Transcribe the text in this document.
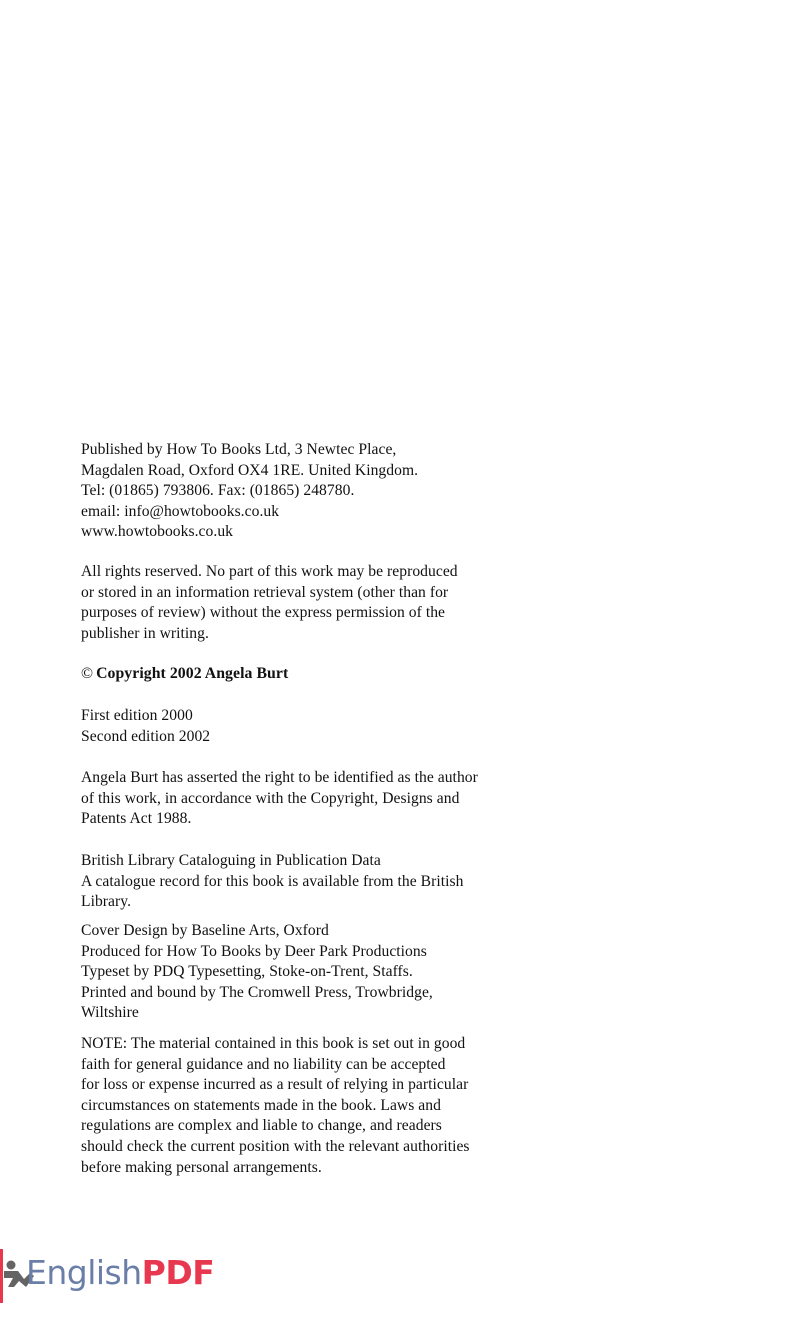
Published by How To Books Ltd, 3 Newtec Place,
Magdalen Road, Oxford OX4 1RE. United Kingdom.
Tel: (01865) 793806. Fax: (01865) 248780.
email: info@howtobooks.co.uk
www.howtobooks.co.uk
All rights reserved. No part of this work may be reproduced
or stored in an information retrieval system (other than for
purposes of review) without the express permission of the
publisher in writing.
© Copyright 2002 Angela Burt
First edition 2000
Second edition 2002
Angela Burt has asserted the right to be identified as the author
of this work, in accordance with the Copyright, Designs and
Patents Act 1988.
British Library Cataloguing in Publication Data
A catalogue record for this book is available from the British
Library.
Cover Design by Baseline Arts, Oxford
Produced for How To Books by Deer Park Productions
Typeset by PDQ Typesetting, Stoke-on-Trent, Staffs.
Printed and bound by The Cromwell Press, Trowbridge,
Wiltshire
NOTE: The material contained in this book is set out in good
faith for general guidance and no liability can be accepted
for loss or expense incurred as a result of relying in particular
circumstances on statements made in the book. Laws and
regulations are complex and liable to change, and readers
should check the current position with the relevant authorities
before making personal arrangements.
EnglishPDF
